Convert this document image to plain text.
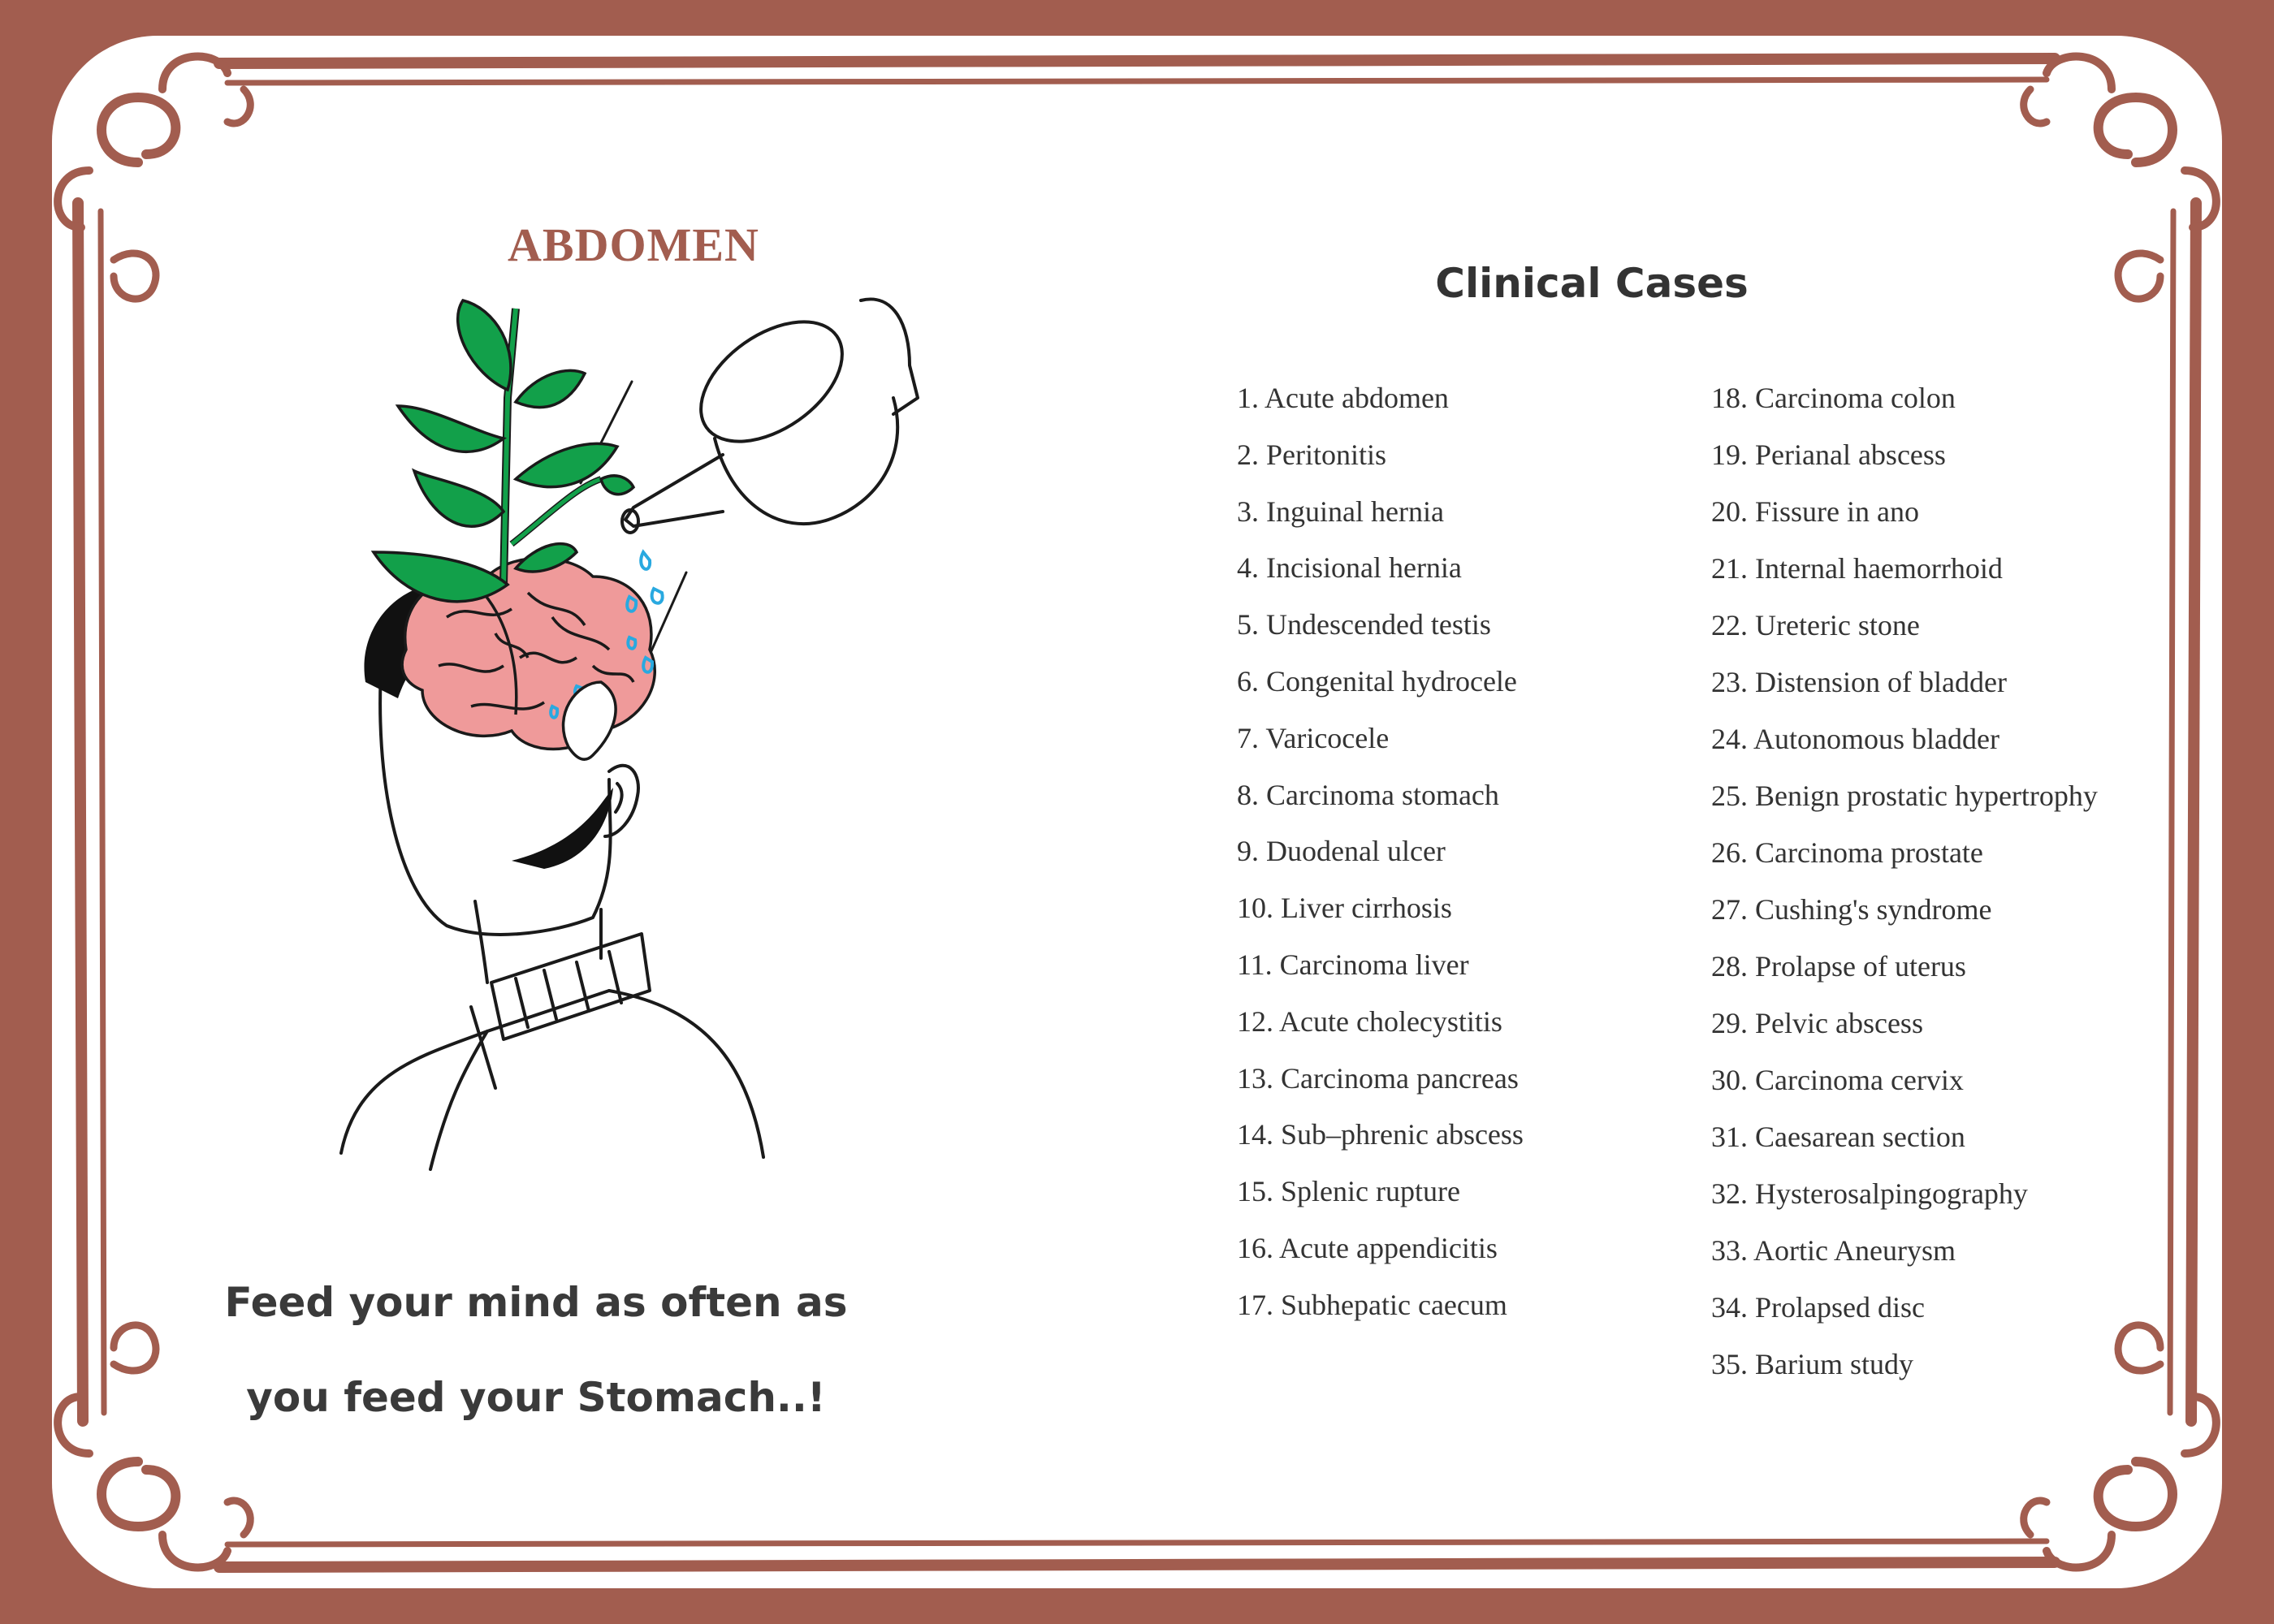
ABDOMEN
Feed your mind as often as
you feed your Stomach..!
Clinical Cases
1. Acute abdomen
2. Peritonitis
3. Inguinal hernia
4. Incisional hernia
5. Undescended testis
6. Congenital hydrocele
7. Varicocele
8. Carcinoma stomach
9. Duodenal ulcer
10. Liver cirrhosis
11. Carcinoma liver
12. Acute cholecystitis
13. Carcinoma pancreas
14. Sub–phrenic abscess
15. Splenic rupture
16. Acute appendicitis
17. Subhepatic caecum
18. Carcinoma colon
19. Perianal abscess
20. Fissure in ano
21. Internal haemorrhoid
22. Ureteric stone
23. Distension of bladder
24. Autonomous bladder
25. Benign prostatic hypertrophy
26. Carcinoma prostate
27. Cushing's syndrome
28. Prolapse of uterus
29. Pelvic abscess
30. Carcinoma cervix
31. Caesarean section
32. Hysterosalpingography
33. Aortic Aneurysm
34. Prolapsed disc
35. Barium study
